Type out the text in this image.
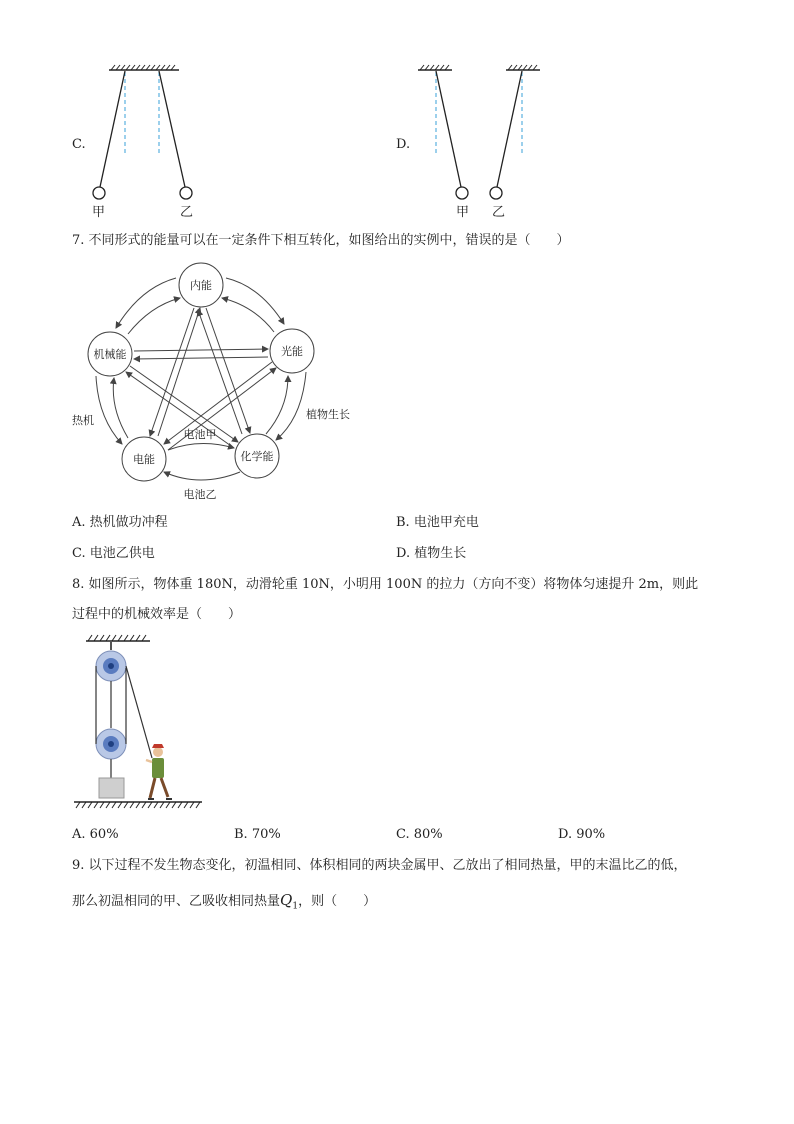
C.
甲	乙
D.
甲 乙
7. 不同形式的能量可以在一定条件下相互转化，如图给出的实例中，错误的是（　　）
内能
机械能	光能
电能	化学能
热机	植物生长
电池甲
电池乙
A. 热机做功冲程	B. 电池甲充电
C. 电池乙供电	D. 植物生长
8. 如图所示，物体重 180N，动滑轮重 10N，小明用 100N 的拉力（方向不变）将物体匀速提升 2m，则此
过程中的机械效率是（　　）
A. 60%	B. 70%	C. 80%	D. 90%
9. 以下过程不发生物态变化，初温相同、体积相同的两块金属甲、乙放出了相同热量，甲的末温比乙的低，
那么初温相同的甲、乙吸收相同热量$Q_1$，则（　　）
